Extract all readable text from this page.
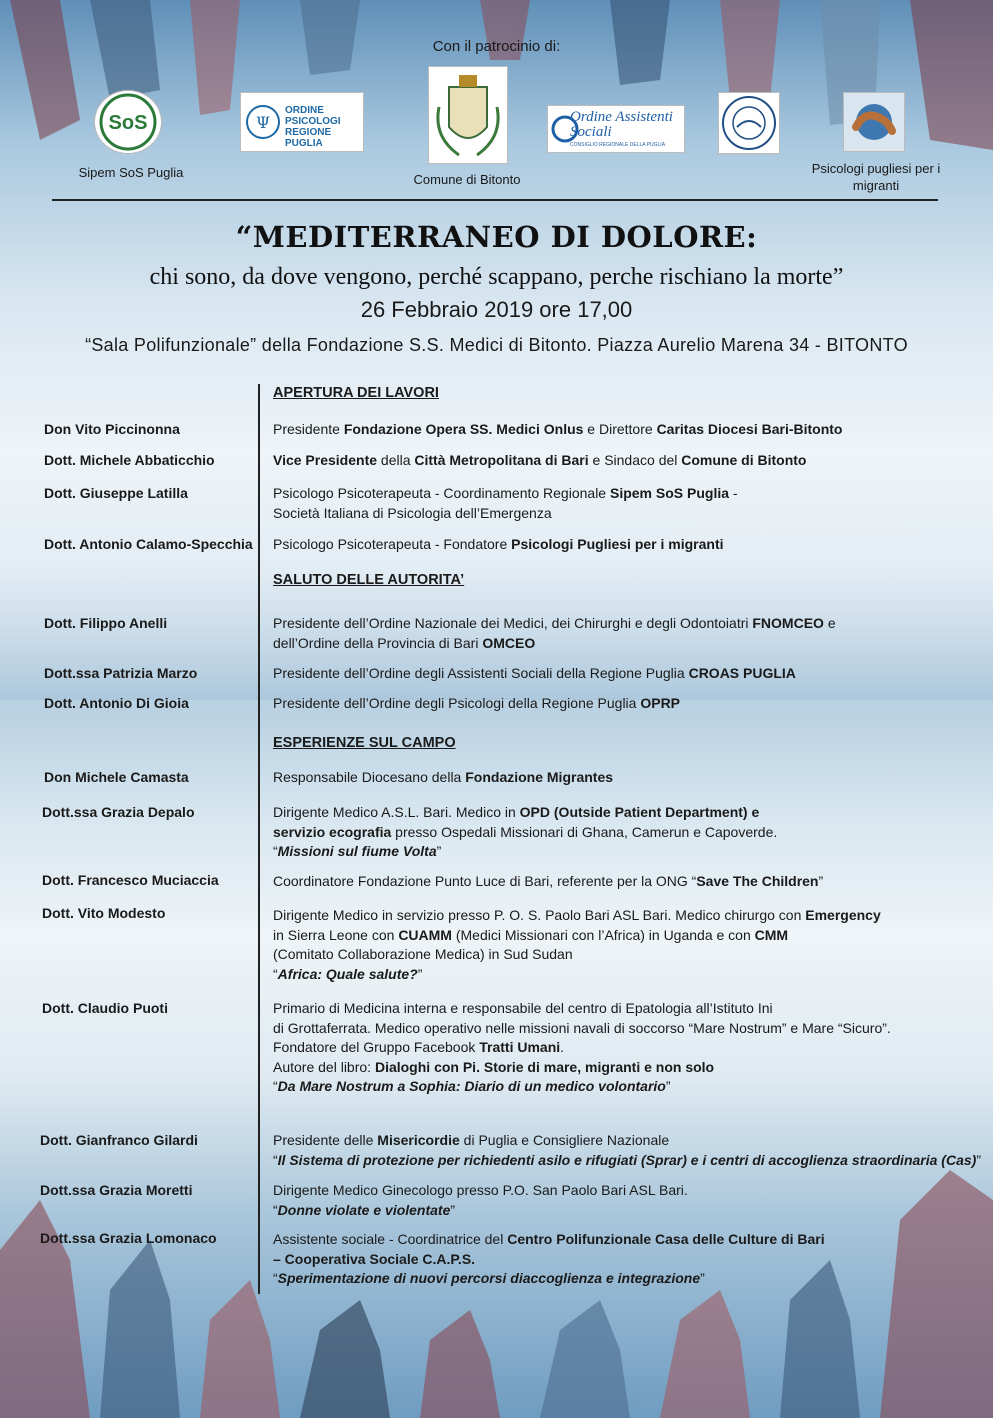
Con il patrocinio di:
SoS
Sipem SoS Puglia
Ψ
ORDINE PSICOLOGI REGIONE PUGLIA
Comune di Bitonto
Ordine Assistenti Sociali
CONSIGLIO REGIONALE DELLA PUGLIA
Psicologi pugliesi per i migranti
“MEDITERRANEO DI DOLORE:
chi sono, da dove vengono, perché scappano, perche rischiano la morte”
26 Febbraio 2019 ore 17,00
“Sala Polifunzionale” della Fondazione S.S. Medici di Bitonto. Piazza Aurelio Marena 34 - BITONTO
APERTURA DEI LAVORI
SALUTO DELLE AUTORITA’
ESPERIENZE SUL CAMPO
Don Vito Piccinonna
Dott. Michele Abbaticchio
Dott. Giuseppe Latilla
Dott. Antonio Calamo-Specchia
Dott. Filippo Anelli
Dott.ssa Patrizia Marzo
Dott. Antonio Di Gioia
Don Michele Camasta
Dott.ssa Grazia Depalo
Dott. Francesco Muciaccia
Dott. Vito Modesto
Dott. Claudio Puoti
Dott. Gianfranco Gilardi
Dott.ssa Grazia Moretti
Dott.ssa Grazia Lomonaco
Presidente Fondazione Opera SS. Medici Onlus e Direttore Caritas Diocesi Bari-Bitonto
Vice Presidente della Città Metropolitana di Bari e Sindaco del Comune di Bitonto
Psicologo Psicoterapeuta - Coordinamento Regionale Sipem SoS Puglia -
Società Italiana di Psicologia dell’Emergenza
Psicologo Psicoterapeuta - Fondatore Psicologi Pugliesi per i migranti
Presidente dell’Ordine Nazionale dei Medici, dei Chirurghi e degli Odontoiatri FNOMCEO e
dell’Ordine della Provincia di Bari OMCEO
Presidente dell’Ordine degli Assistenti Sociali della Regione Puglia CROAS PUGLIA
Presidente dell’Ordine degli Psicologi della Regione Puglia OPRP
Responsabile Diocesano della Fondazione Migrantes
Dirigente Medico A.S.L. Bari. Medico in OPD (Outside Patient Department) e
servizio ecografia presso Ospedali Missionari di Ghana, Camerun e Capoverde.
“Missioni sul fiume Volta”
Coordinatore Fondazione Punto Luce di Bari, referente per la ONG “Save The Children”
Dirigente Medico in servizio presso P. O. S. Paolo Bari ASL Bari. Medico chirurgo con Emergency
in Sierra Leone con CUAMM (Medici Missionari con l’Africa) in Uganda e con CMM
(Comitato Collaborazione Medica) in Sud Sudan
“Africa: Quale salute?”
Primario di Medicina interna e responsabile del centro di Epatologia all’Istituto Ini
di Grottaferrata. Medico operativo nelle missioni navali di soccorso “Mare Nostrum” e Mare “Sicuro”.
Fondatore del Gruppo Facebook Tratti Umani.
Autore del libro: Dialoghi con Pi. Storie di mare, migranti e non solo
“Da Mare Nostrum a Sophia: Diario di un medico volontario”
Presidente delle Misericordie di Puglia e Consigliere Nazionale
“Il Sistema di protezione per richiedenti asilo e rifugiati (Sprar) e i centri di accoglienza straordinaria (Cas)”
Dirigente Medico Ginecologo presso P.O. San Paolo Bari ASL Bari.
“Donne violate e violentate”
Assistente sociale - Coordinatrice del Centro Polifunzionale Casa delle Culture di Bari
– Cooperativa Sociale C.A.P.S.
“Sperimentazione di nuovi percorsi diaccoglienza e integrazione”
